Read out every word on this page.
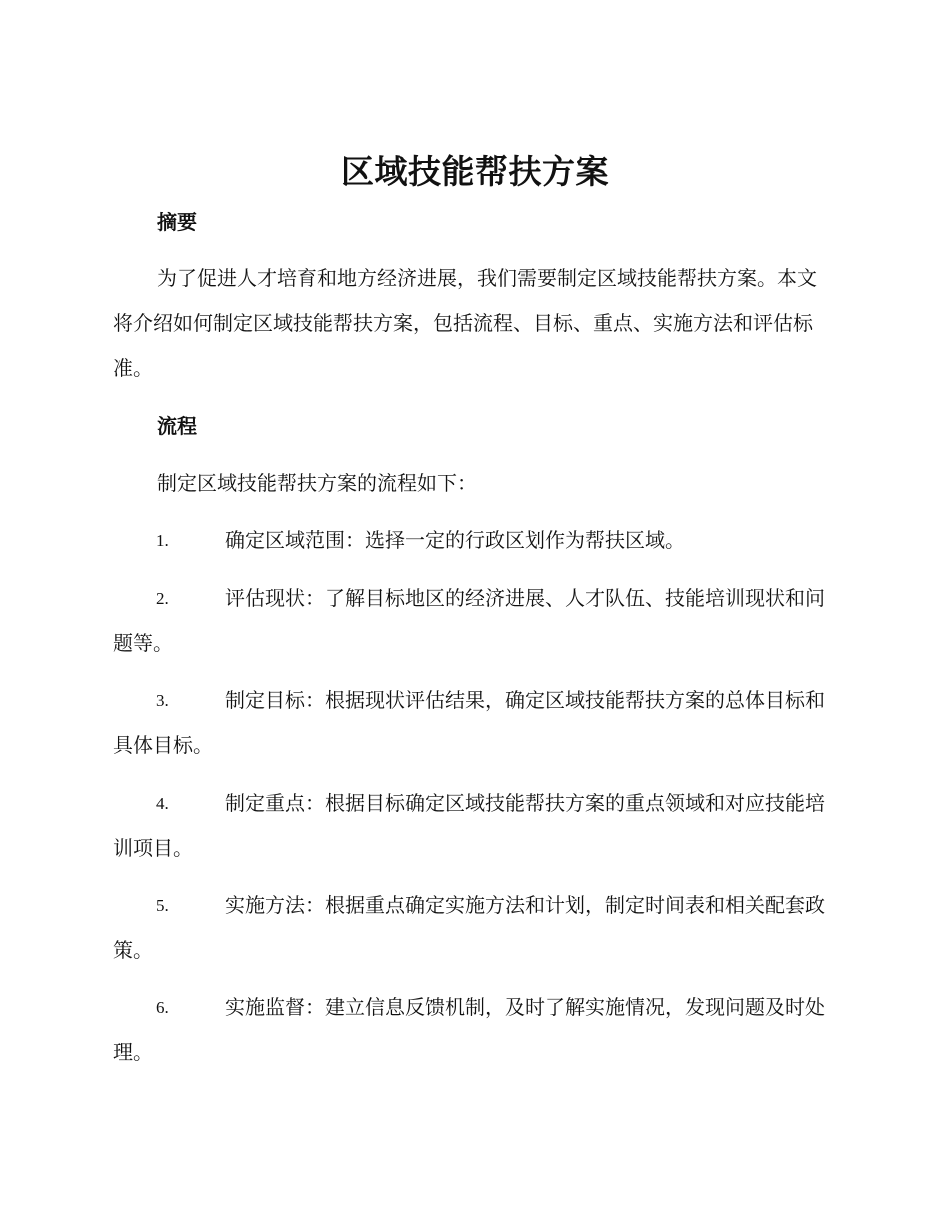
区域技能帮扶方案
摘要

为了促进人才培育和地方经济进展，我们需要制定区域技能帮扶方案。本文将介绍如何制定区域技能帮扶方案，包括流程、目标、重点、实施方法和评估标准。

流程
制定区域技能帮扶方案的流程如下：
1.	确定区域范围：选择一定的行政区划作为帮扶区域。
2.	评估现状：了解目标地区的经济进展、人才队伍、技能培训现状和问题等。
3.	制定目标：根据现状评估结果，确定区域技能帮扶方案的总体目标和具体目标。
4.	制定重点：根据目标确定区域技能帮扶方案的重点领域和对应技能培训项目。
5.	实施方法：根据重点确定实施方法和计划，制定时间表和相关配套政策。
6.	实施监督：建立信息反馈机制，及时了解实施情况，发现问题及时处理。
